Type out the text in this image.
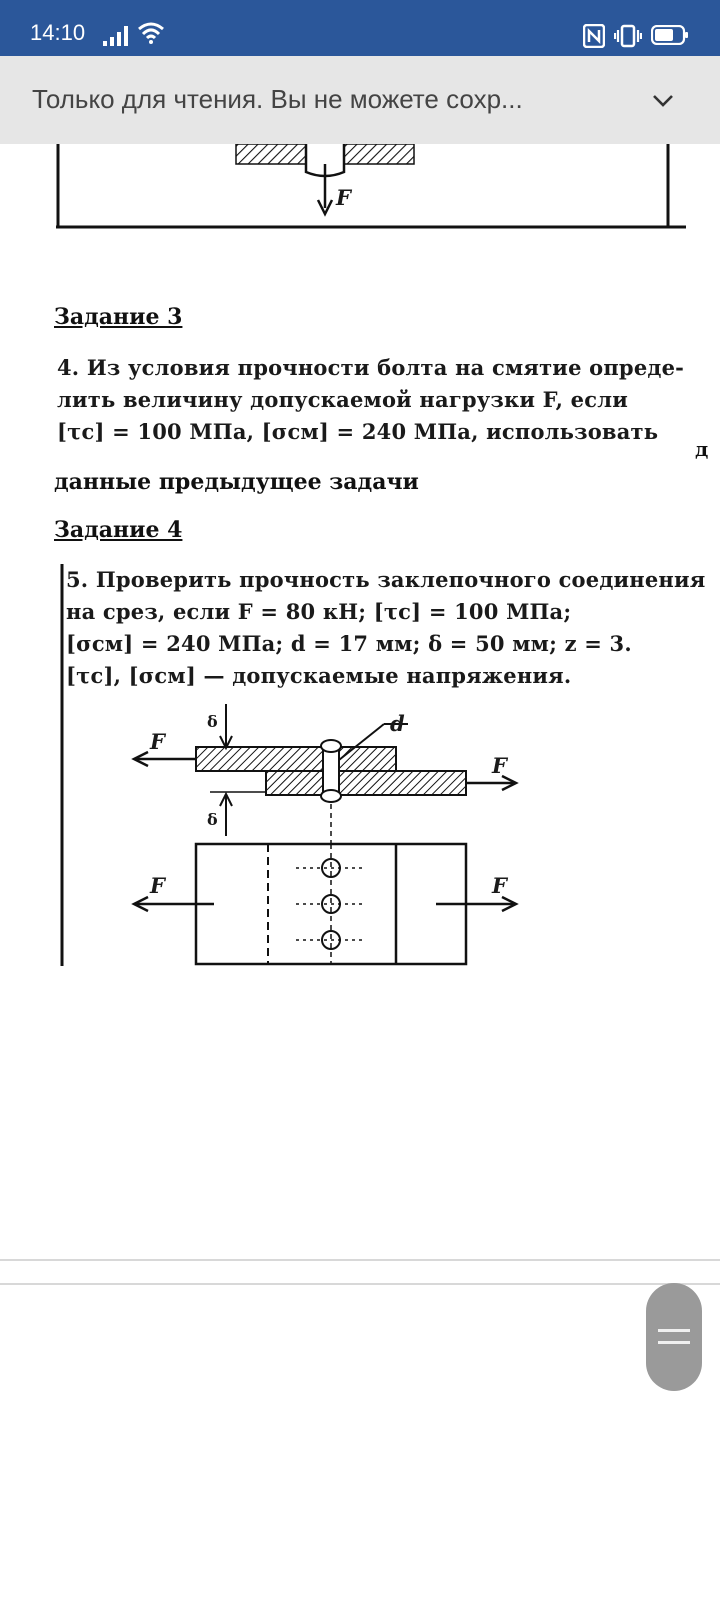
14:10
Только для чтения. Вы не можете сохр...
F
Задание 3
4. Из условия прочности болта на смятие опреде-
лить величину допускаемой нагрузки F, если
[τс] = 100 МПа, [σсм] = 240 МПа, использовать
д
данные предыдущее задачи
Задание 4
5. Проверить прочность заклепочного соединения
на срез, если F = 80 кН; [τс] = 100 МПа;
[σсм] = 240 МПа; d = 17 мм; δ = 50 мм; z = 3.
[τс], [σсм] — допускаемые напряжения.
F
F
d
δ
δ
F	F
